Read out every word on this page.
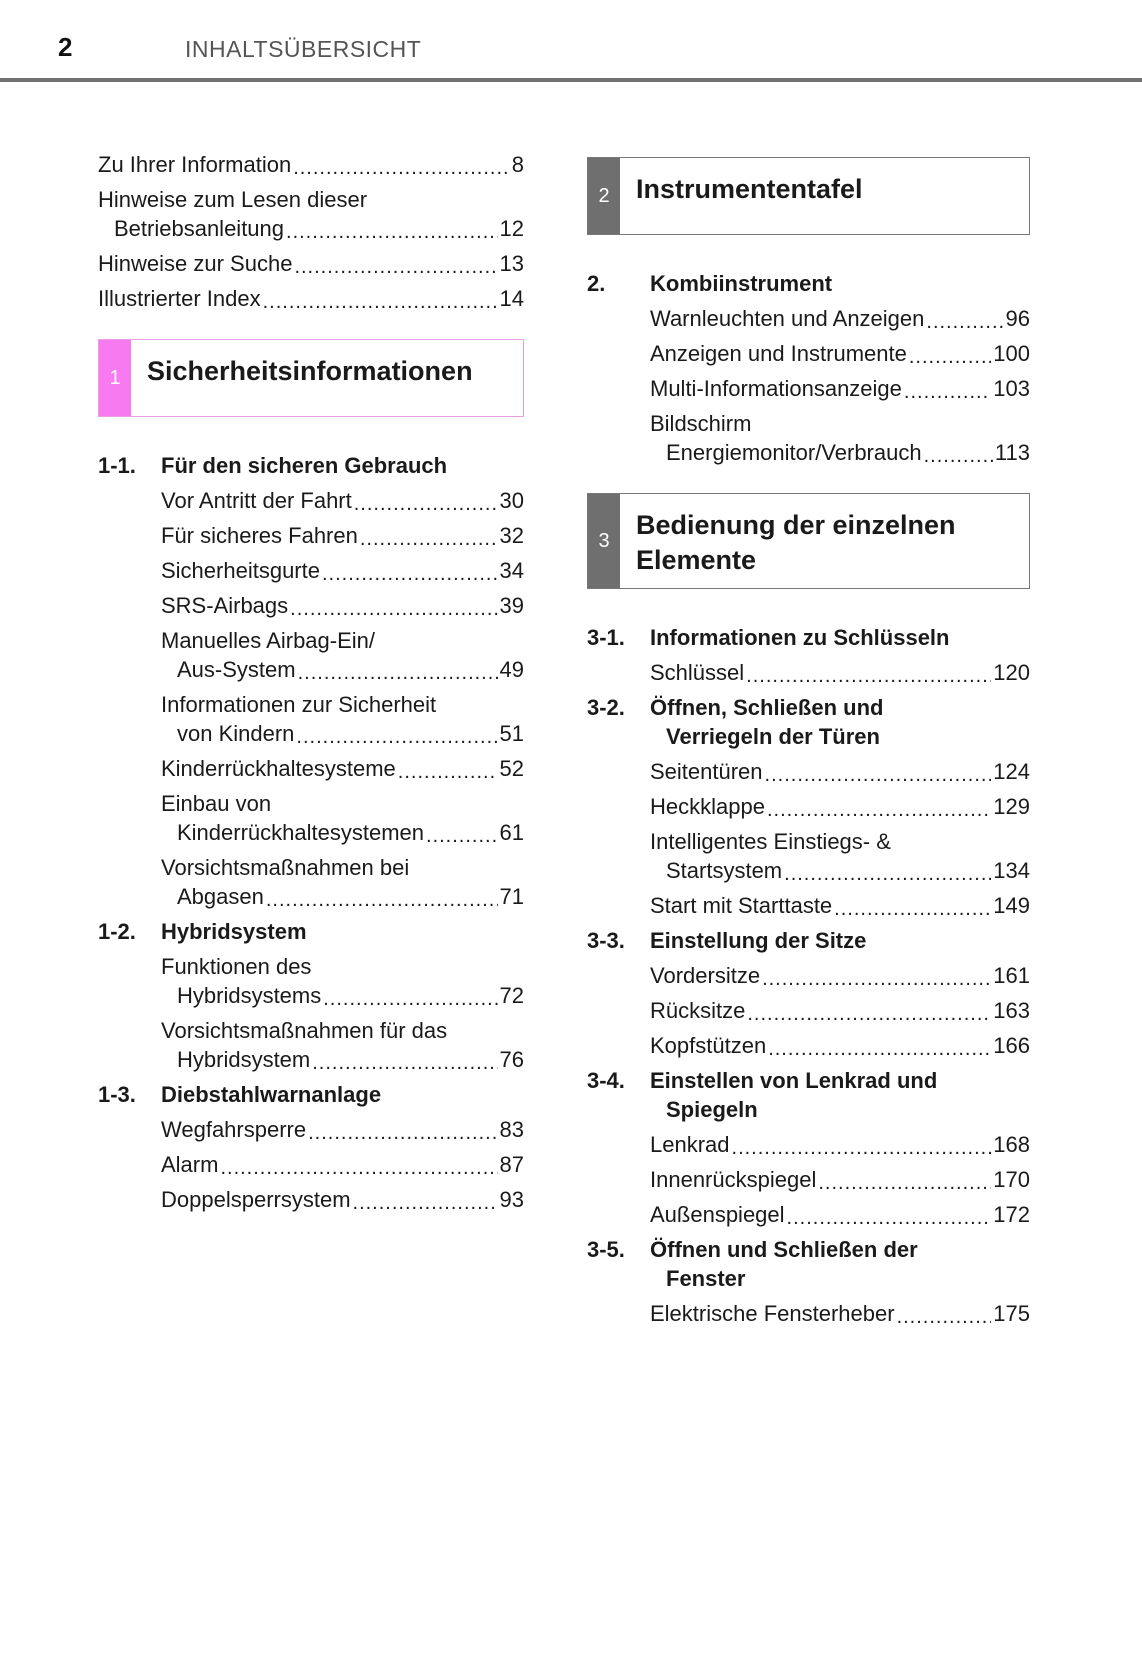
2	INHALTSÜBERSICHT
Zu Ihrer Information .....	8
Hinweise zum Lesen dieser
Betriebsanleitung .....	12
Hinweise zur Suche .....	13
Illustrierter Index .....	14
1 Sicherheitsinformationen
1-1.	Für den sicheren Gebrauch
Vor Antritt der Fahrt .....	30
Für sicheres Fahren .....	32
Sicherheitsgurte .....	34
SRS-Airbags .....	39
Manuelles Airbag-Ein/
Aus-System .....	49
Informationen zur Sicherheit
von Kindern .....	51
Kinderrückhaltesysteme .....	52
Einbau von
Kinderrückhaltesystemen .....	61
Vorsichtsmaßnahmen bei
Abgasen .....	71
1-2.	Hybridsystem
Funktionen des
Hybridsystems .....	72
Vorsichtsmaßnahmen für das
Hybridsystem .....	76
1-3.	Diebstahlwarnanlage
Wegfahrsperre .....	83
Alarm .....	87
Doppelsperrsystem .....	93
2 Instrumententafel
2.	Kombiinstrument
Warnleuchten und Anzeigen .....	96
Anzeigen und Instrumente .....	100
Multi-Informationsanzeige .....	103
Bildschirm
Energiemonitor/Verbrauch .....	113
3
Bedienung der einzelnen Elemente
3-1.	Informationen zu Schlüsseln
Schlüssel .....	120
3-2.	Öffnen, Schließen und
Verriegeln der Türen
Seitentüren .....	124
Heckklappe .....	129
Intelligentes Einstiegs- &
Startsystem .....	134
Start mit Starttaste .....	149
3-3.	Einstellung der Sitze
Vordersitze .....	161
Rücksitze .....	163
Kopfstützen .....	166
3-4.	Einstellen von Lenkrad und
Spiegeln
Lenkrad .....	168
Innenrückspiegel .....	170
Außenspiegel .....	172
3-5.	Öffnen und Schließen der
Fenster
Elektrische Fensterheber .....	175
